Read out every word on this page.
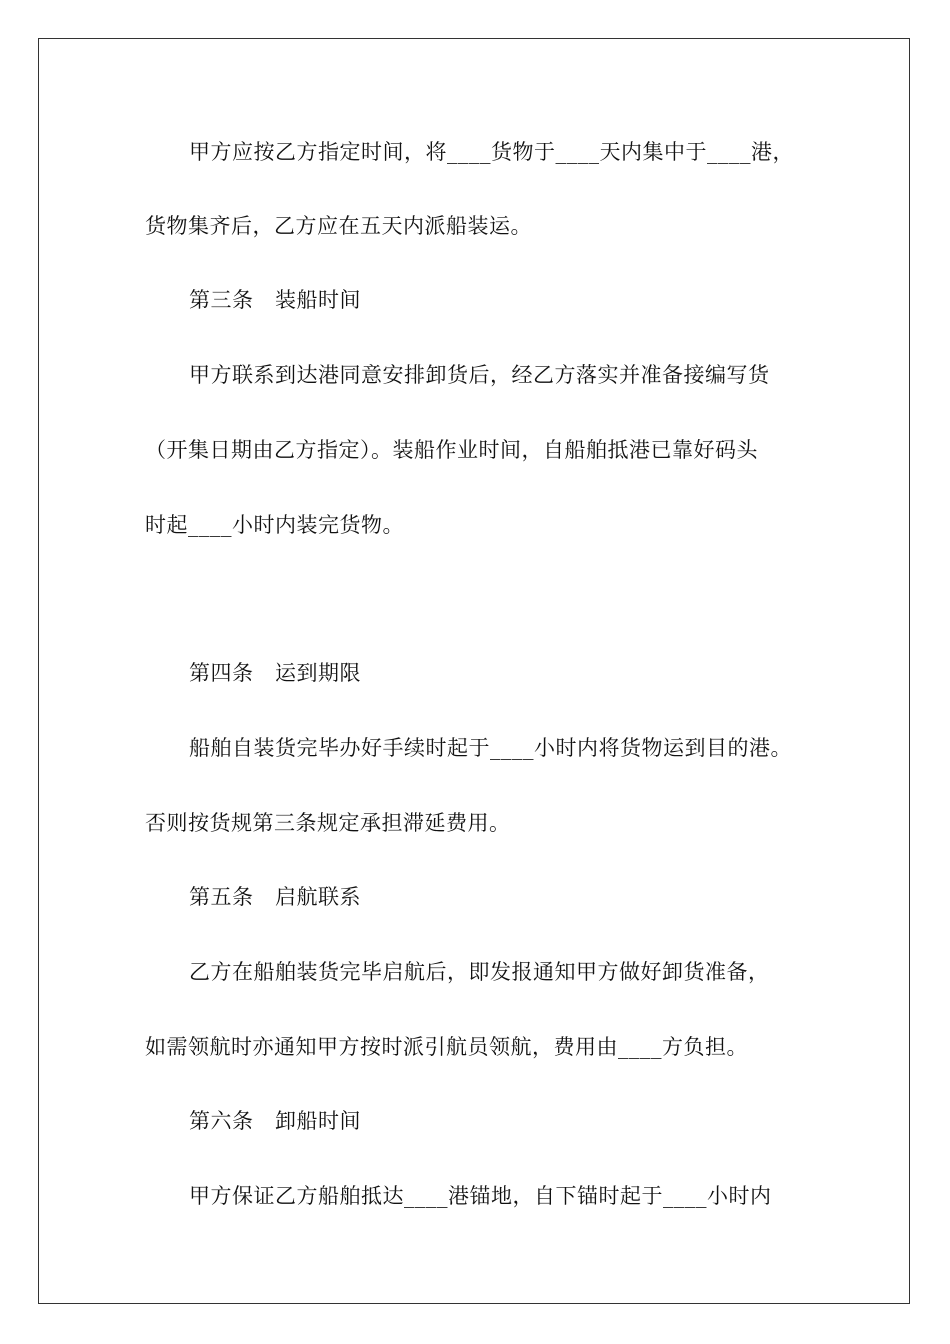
甲方应按乙方指定时间，将____货物于____天内集中于____港，
货物集齐后，乙方应在五天内派船装运。
第三条　装船时间
甲方联系到达港同意安排卸货后，经乙方落实并准备接编写货
（开集日期由乙方指定）。装船作业时间，自船舶抵港已靠好码头
时起____小时内装完货物。
第四条　运到期限
船舶自装货完毕办好手续时起于____小时内将货物运到目的港。
否则按货规第三条规定承担滞延费用。
第五条　启航联系
乙方在船舶装货完毕启航后，即发报通知甲方做好卸货准备，
如需领航时亦通知甲方按时派引航员领航，费用由____方负担。
第六条　卸船时间
甲方保证乙方船舶抵达____港锚地，自下锚时起于____小时内
